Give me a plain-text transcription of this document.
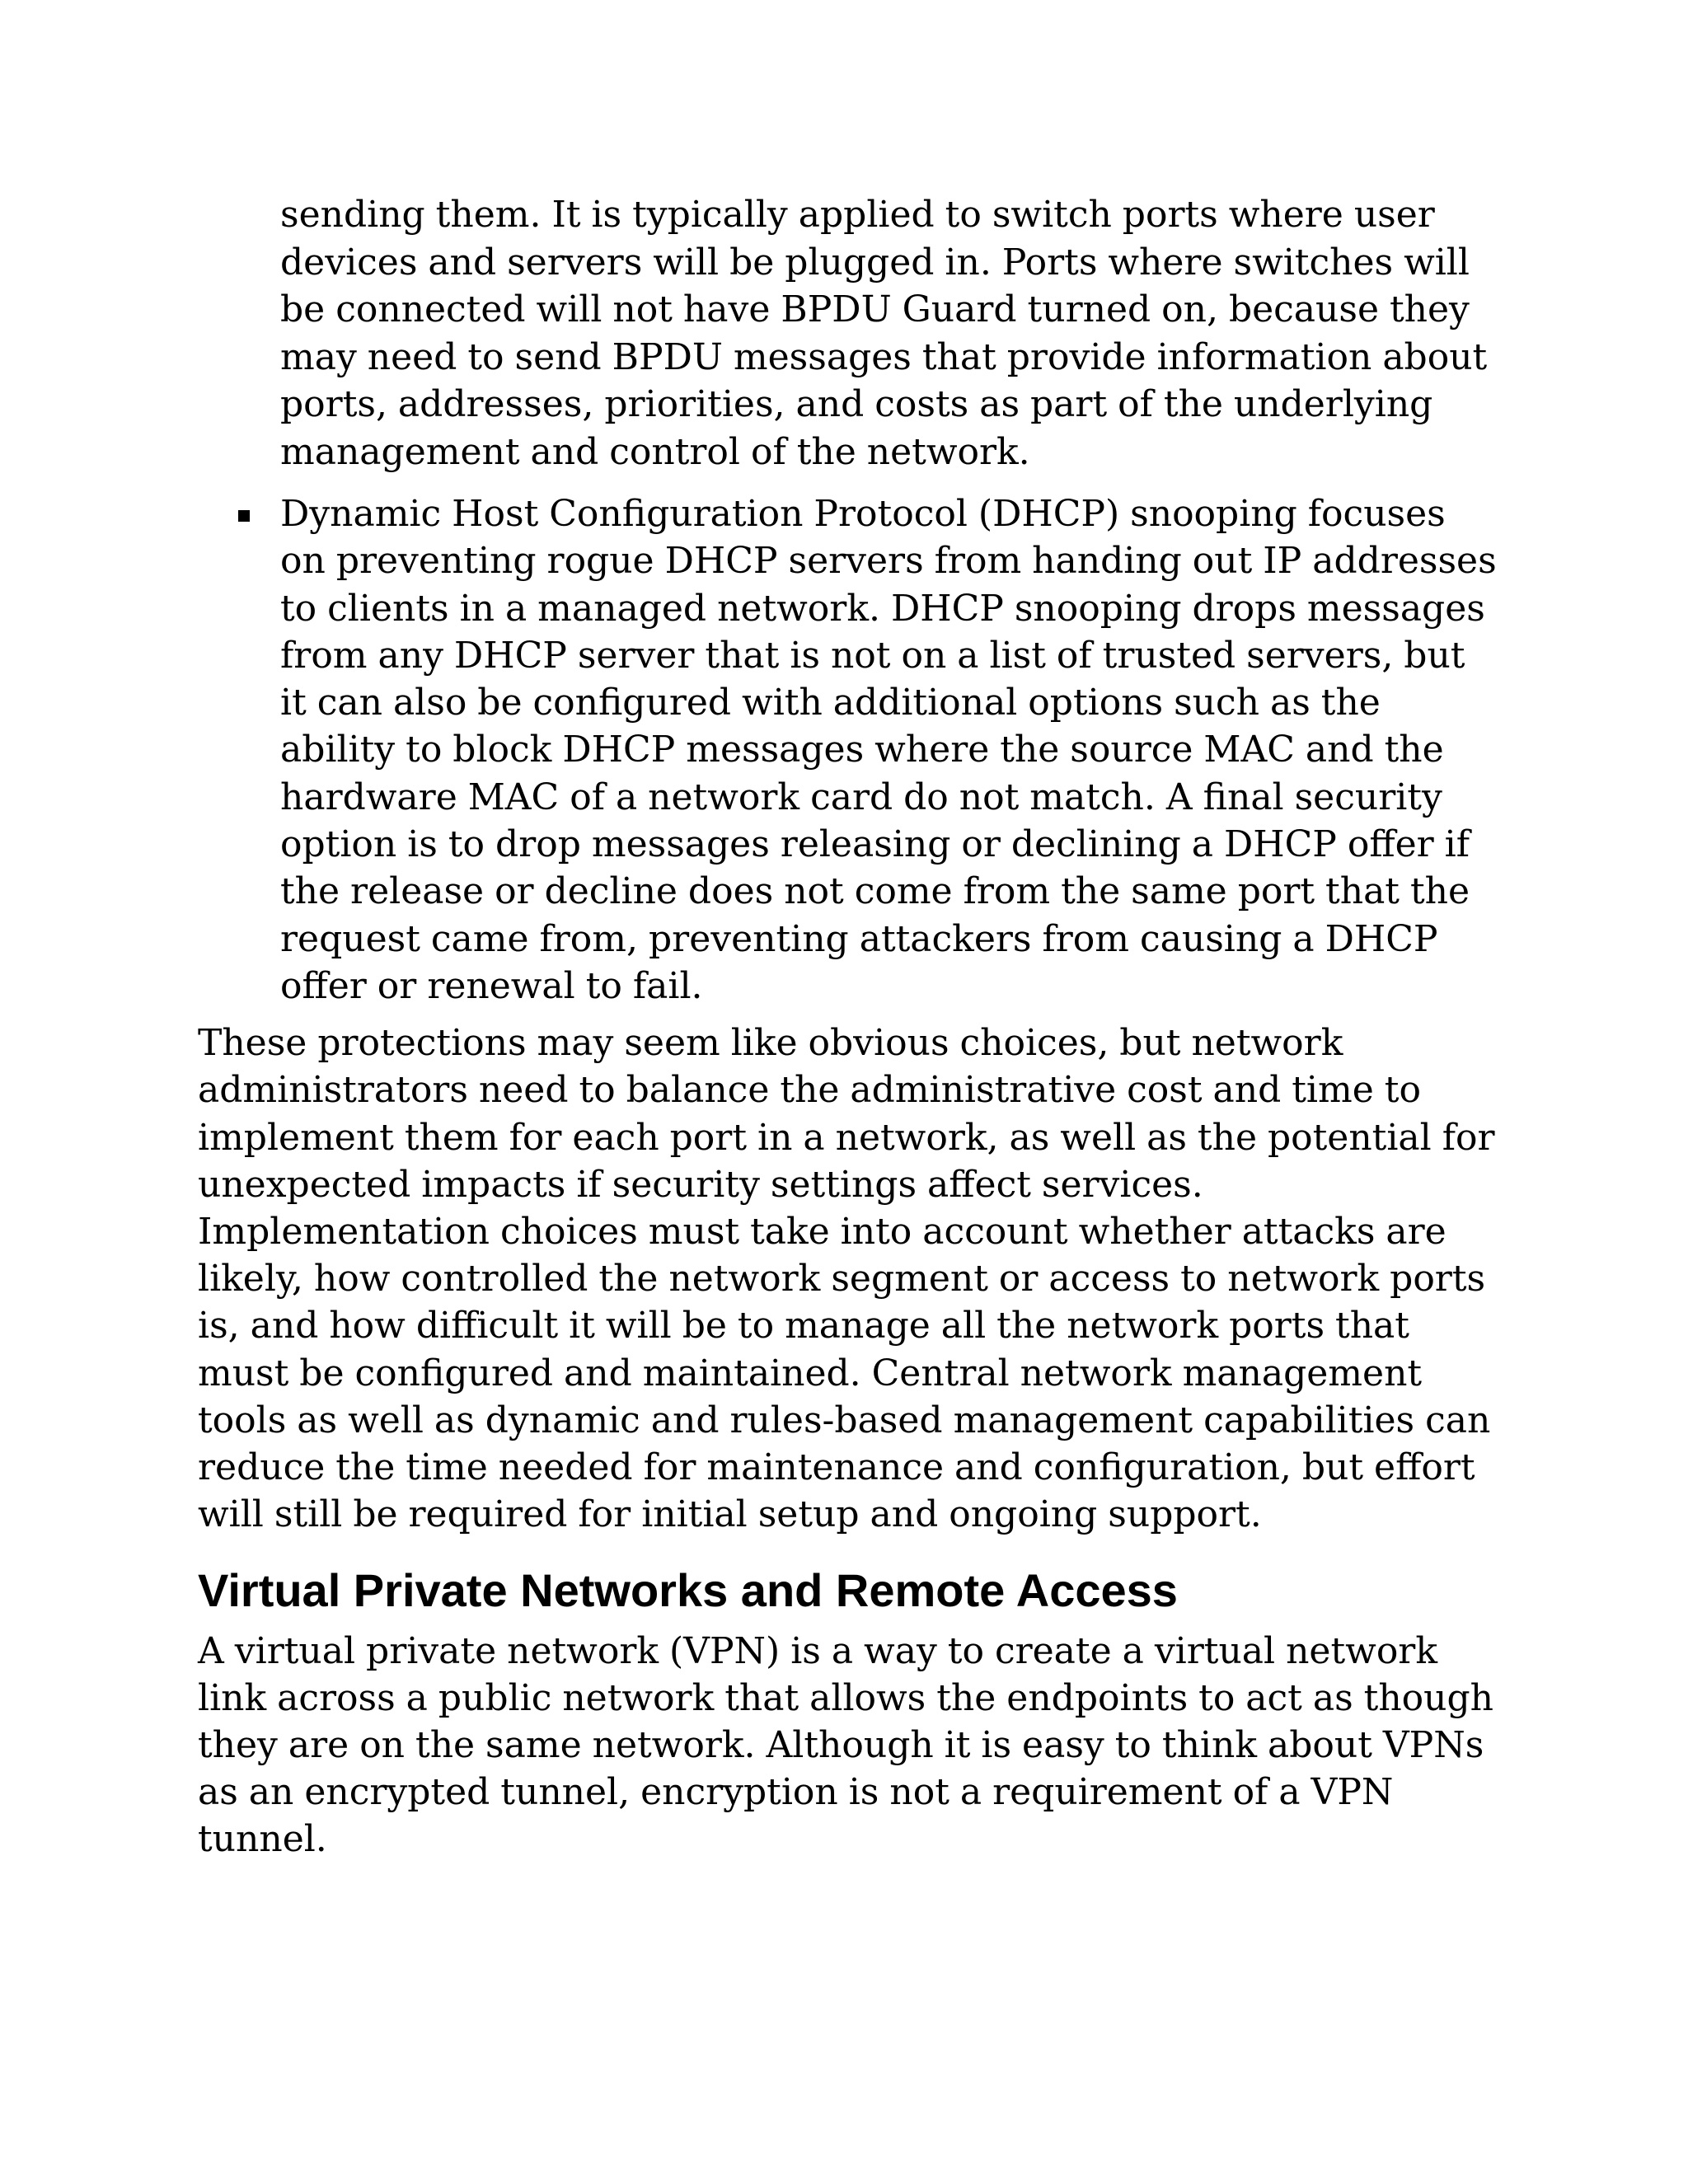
sending them. It is typically applied to switch ports where user devices and servers will be plugged in. Ports where switches will be connected will not have BPDU Guard turned on, because they may need to send BPDU messages that provide information about ports, addresses, priorities, and costs as part of the underlying management and control of the network.

Dynamic Host Configuration Protocol (DHCP) snooping focuses on preventing rogue DHCP servers from handing out IP addresses to clients in a managed network. DHCP snooping drops messages from any DHCP server that is not on a list of trusted servers, but it can also be configured with additional options such as the ability to block DHCP messages where the source MAC and the hardware MAC of a network card do not match. A final security option is to drop messages releasing or declining a DHCP offer if the release or decline does not come from the same port that the request came from, preventing attackers from causing a DHCP offer or renewal to fail.

These protections may seem like obvious choices, but network administrators need to balance the administrative cost and time to implement them for each port in a network, as well as the potential for unexpected impacts if security settings affect services. Implementation choices must take into account whether attacks are likely, how controlled the network segment or access to network ports is, and how difficult it will be to manage all the network ports that must be configured and maintained. Central network management tools as well as dynamic and rules-based management capabilities can reduce the time needed for maintenance and configuration, but effort will still be required for initial setup and ongoing support.

Virtual Private Networks and Remote Access

A virtual private network (VPN) is a way to create a virtual network link across a public network that allows the endpoints to act as though they are on the same network. Although it is easy to think about VPNs as an encrypted tunnel, encryption is not a requirement of a VPN tunnel.
